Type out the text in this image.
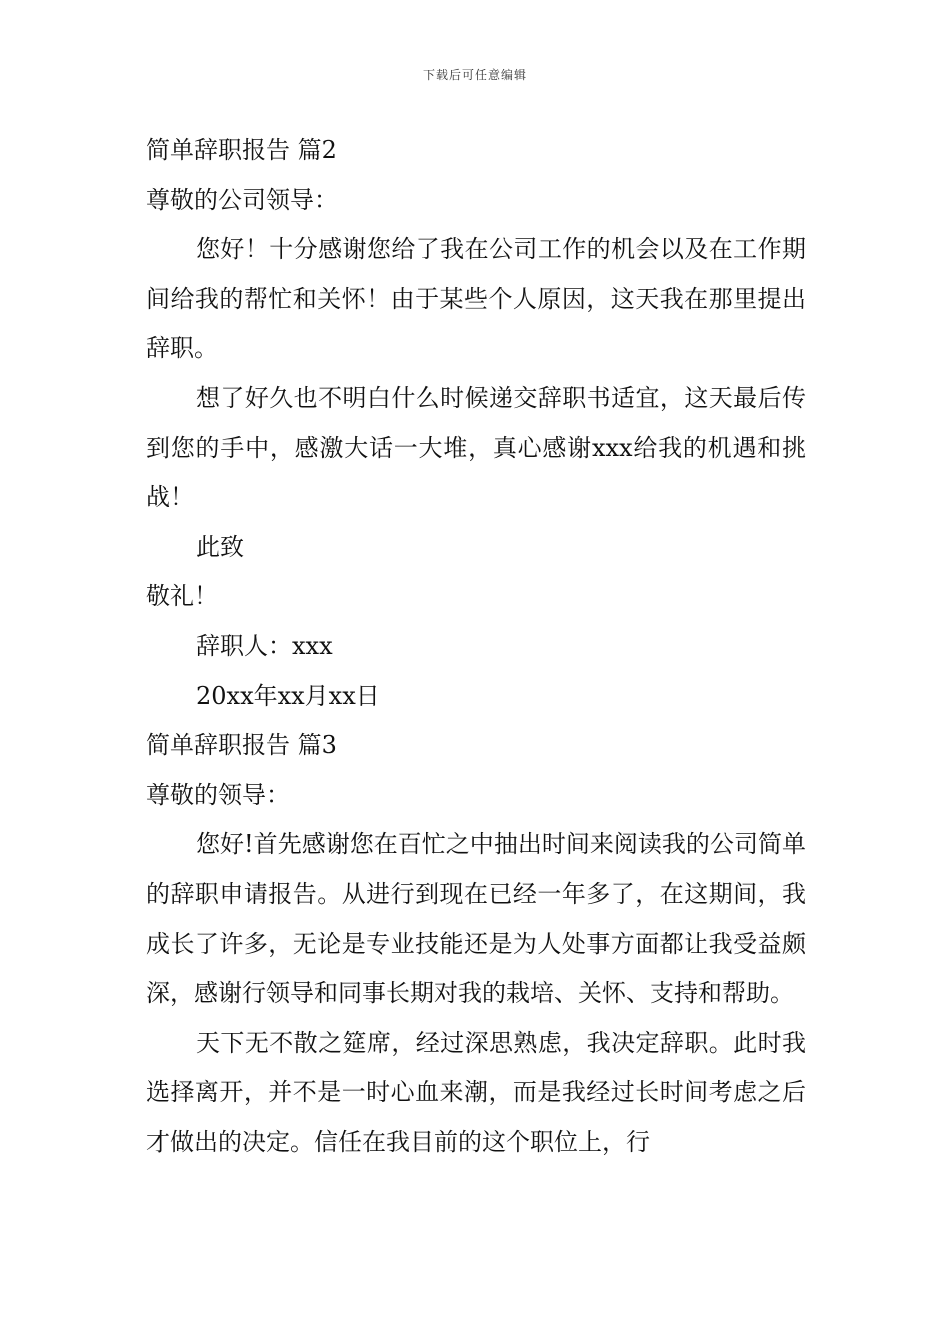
下载后可任意编辑
简单辞职报告 篇2
尊敬的公司领导：

您好！十分感谢您给了我在公司工作的机会以及在工作期间给我的帮忙和关怀！由于某些个人原因，这天我在那里提出辞职。

想了好久也不明白什么时候递交辞职书适宜，这天最后传到您的手中，感激大话一大堆，真心感谢xxx给我的机遇和挑战！

此致
敬礼！
辞职人：xxx
20xx年xx月xx日
简单辞职报告 篇3
尊敬的领导：

您好!首先感谢您在百忙之中抽出时间来阅读我的公司简单的辞职申请报告。从进行到现在已经一年多了，在这期间，我成长了许多，无论是专业技能还是为人处事方面都让我受益颇深，感谢行领导和同事长期对我的栽培、关怀、支持和帮助。

天下无不散之筵席，经过深思熟虑，我决定辞职。此时我选择离开，并不是一时心血来潮，而是我经过长时间考虑之后才做出的决定。信任在我目前的这个职位上，行
